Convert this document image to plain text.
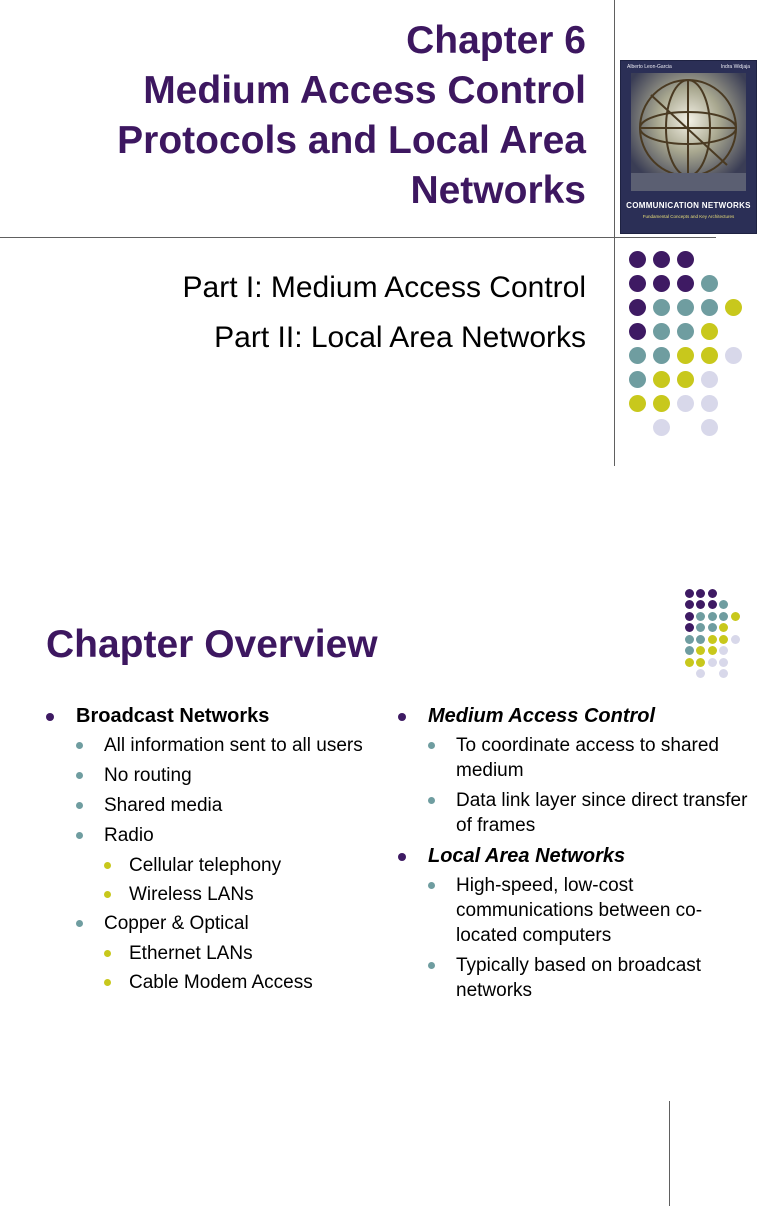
Chapter 6
Medium Access Control
Protocols and Local Area
Networks
Alberto Leon-Garcia	Indra Widjaja
COMMUNICATION NETWORKS
Fundamental Concepts and Key Architectures
Part I: Medium Access Control
Part II: Local Area Networks
Chapter Overview
Broadcast Networks
All information sent to all users
No routing
Shared media
Radio
Cellular telephony
Wireless LANs
Copper & Optical
Ethernet LANs
Cable Modem Access
Medium Access Control
To coordinate access to shared medium
Data link layer since direct transfer of frames
Local Area Networks
High-speed, low-cost communications between co-located computers
Typically based on broadcast networks
